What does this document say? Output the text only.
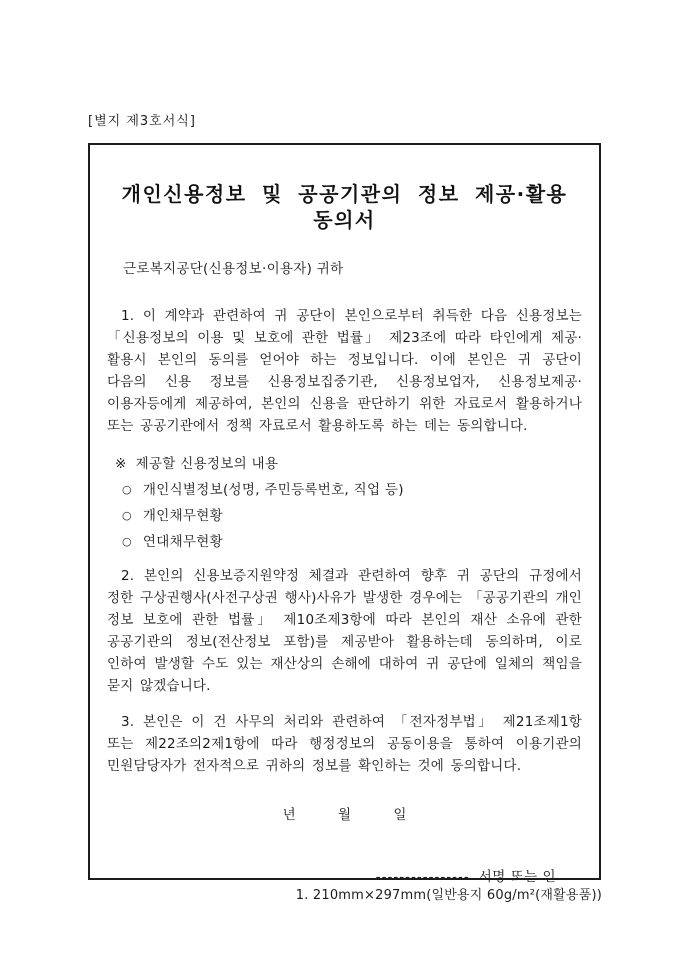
[별지 제3호서식]
개인신용정보 및 공공기관의 정보 제공·활용 동의서
근로복지공단(신용정보·이용자) 귀하

1. 이 계약과 관련하여 귀 공단이 본인으로부터 취득한 다음 신용정보는 「신용정보의 이용 및 보호에 관한 법률」 제23조에 따라 타인에게 제공·활용시 본인의 동의를 얻어야 하는 정보입니다. 이에 본인은 귀 공단이 다음의 신용 정보를 신용정보집중기관, 신용정보업자, 신용정보제공·이용자등에게 제공하여, 본인의 신용을 판단하기 위한 자료로서 활용하거나 또는 공공기관에서 정책 자료로서 활용하도록 하는 데는 동의합니다.

※ 제공할 신용정보의 내용
○ 개인식별정보(성명, 주민등록번호, 직업 등)
○ 개인채무현황
○ 연대채무현황

2. 본인의 신용보증지원약정 체결과 관련하여 향후 귀 공단의 규정에서 정한 구상권행사(사전구상권 행사)사유가 발생한 경우에는 「공공기관의 개인 정보 보호에 관한 법률」 제10조제3항에 따라 본인의 재산 소유에 관한 공공기관의 정보(전산정보 포함)를 제공받아 활용하는데 동의하며, 이로 인하여 발생할 수도 있는 재산상의 손해에 대하여 귀 공단에 일체의 책임을 묻지 않겠습니다.

3. 본인은 이 건 사무의 처리와 관련하여 「전자정부법」 제21조제1항 또는 제22조의2제1항에 따라 행정정보의 공동이용을 통하여 이용기관의 민원담당자가 전자적으로 귀하의 정보를 확인하는 것에 동의합니다.

년	월	일
---------------- 서명 또는 인
1. 210mm×297mm(일반용지 60g/m²(재활용품))
